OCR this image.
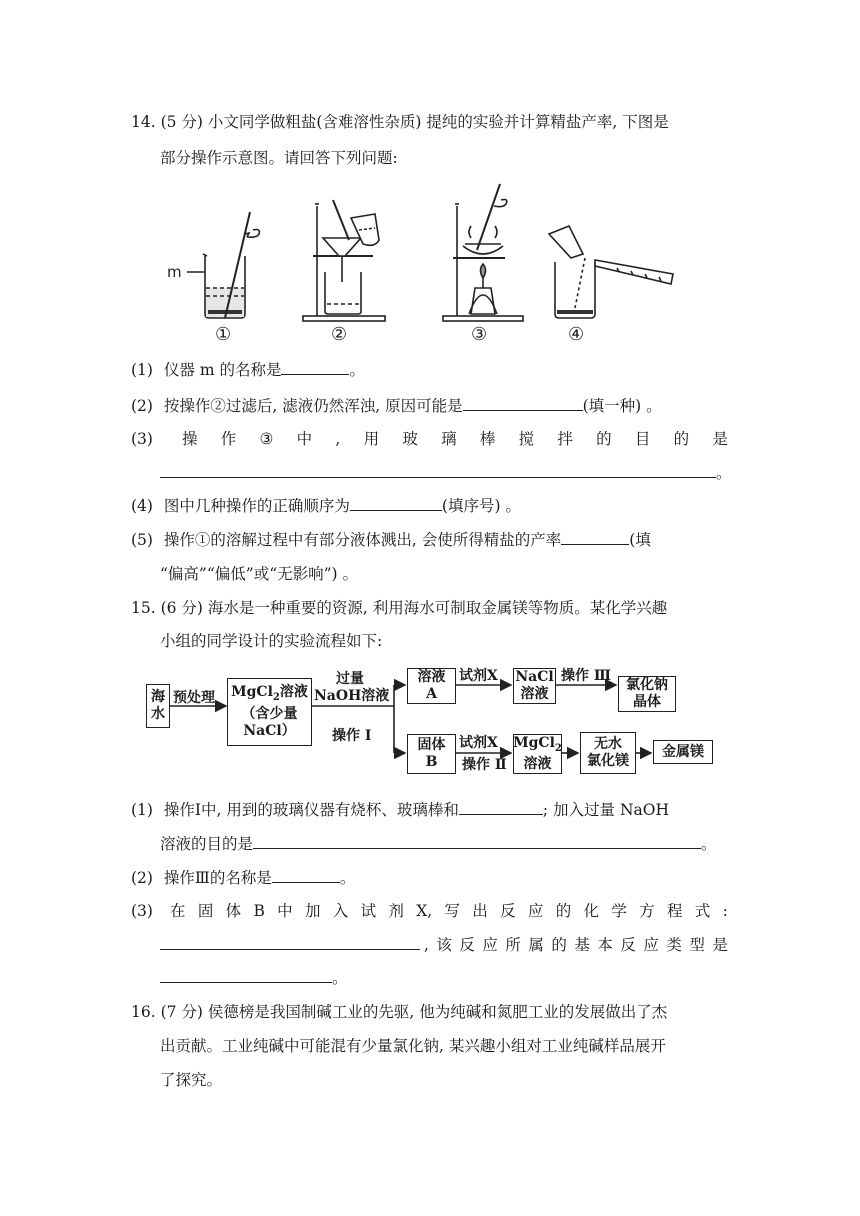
14. (5 分) 小文同学做粗盐(含难溶性杂质) 提纯的实验并计算精盐产率, 下图是
部分操作示意图。请回答下列问题:
m
①	②	③	④
(1) 仪器 m 的名称是	。
(2) 按操作②过滤后, 滤液仍然浑浊, 原因可能是	(填一种) 。
(3) 操 作 ③ 中 , 用 玻 璃 棒 搅 拌 的 目 的 是
。
(4) 图中几种操作的正确顺序为	(填序号) 。
(5) 操作①的溶解过程中有部分液体溅出, 会使所得精盐的产率	(填
“偏高”“偏低”或“无影响”) 。
15. (6 分) 海水是一种重要的资源, 利用海水可制取金属镁等物质。某化学兴趣
小组的同学设计的实验流程如下:
海
水
预处理 MgCl$_2$溶液
（含少量
NaCl）
过量
NaOH溶液
操作 Ⅰ
溶液
A
试剂X NaCl
溶液
操作 Ⅲ
氯化钠
晶体
固体
B
试剂X
操作 Ⅱ
MgCl$_2$
溶液
无水
氯化镁
金属镁
(1) 操作Ⅰ中, 用到的玻璃仪器有烧杯、玻璃棒和	; 加入过量 NaOH
溶液的目的是	。
(2) 操作Ⅲ的名称是	。
(3) 在 固 体 B 中 加 入 试 剂 X, 写 出 反 应 的 化 学 方 程 式 :
, 该 反 应 所 属 的 基 本 反 应 类 型 是
。
16. (7 分) 侯德榜是我国制碱工业的先驱, 他为纯碱和氮肥工业的发展做出了杰
出贡献。工业纯碱中可能混有少量氯化钠, 某兴趣小组对工业纯碱样品展开
了探究。
